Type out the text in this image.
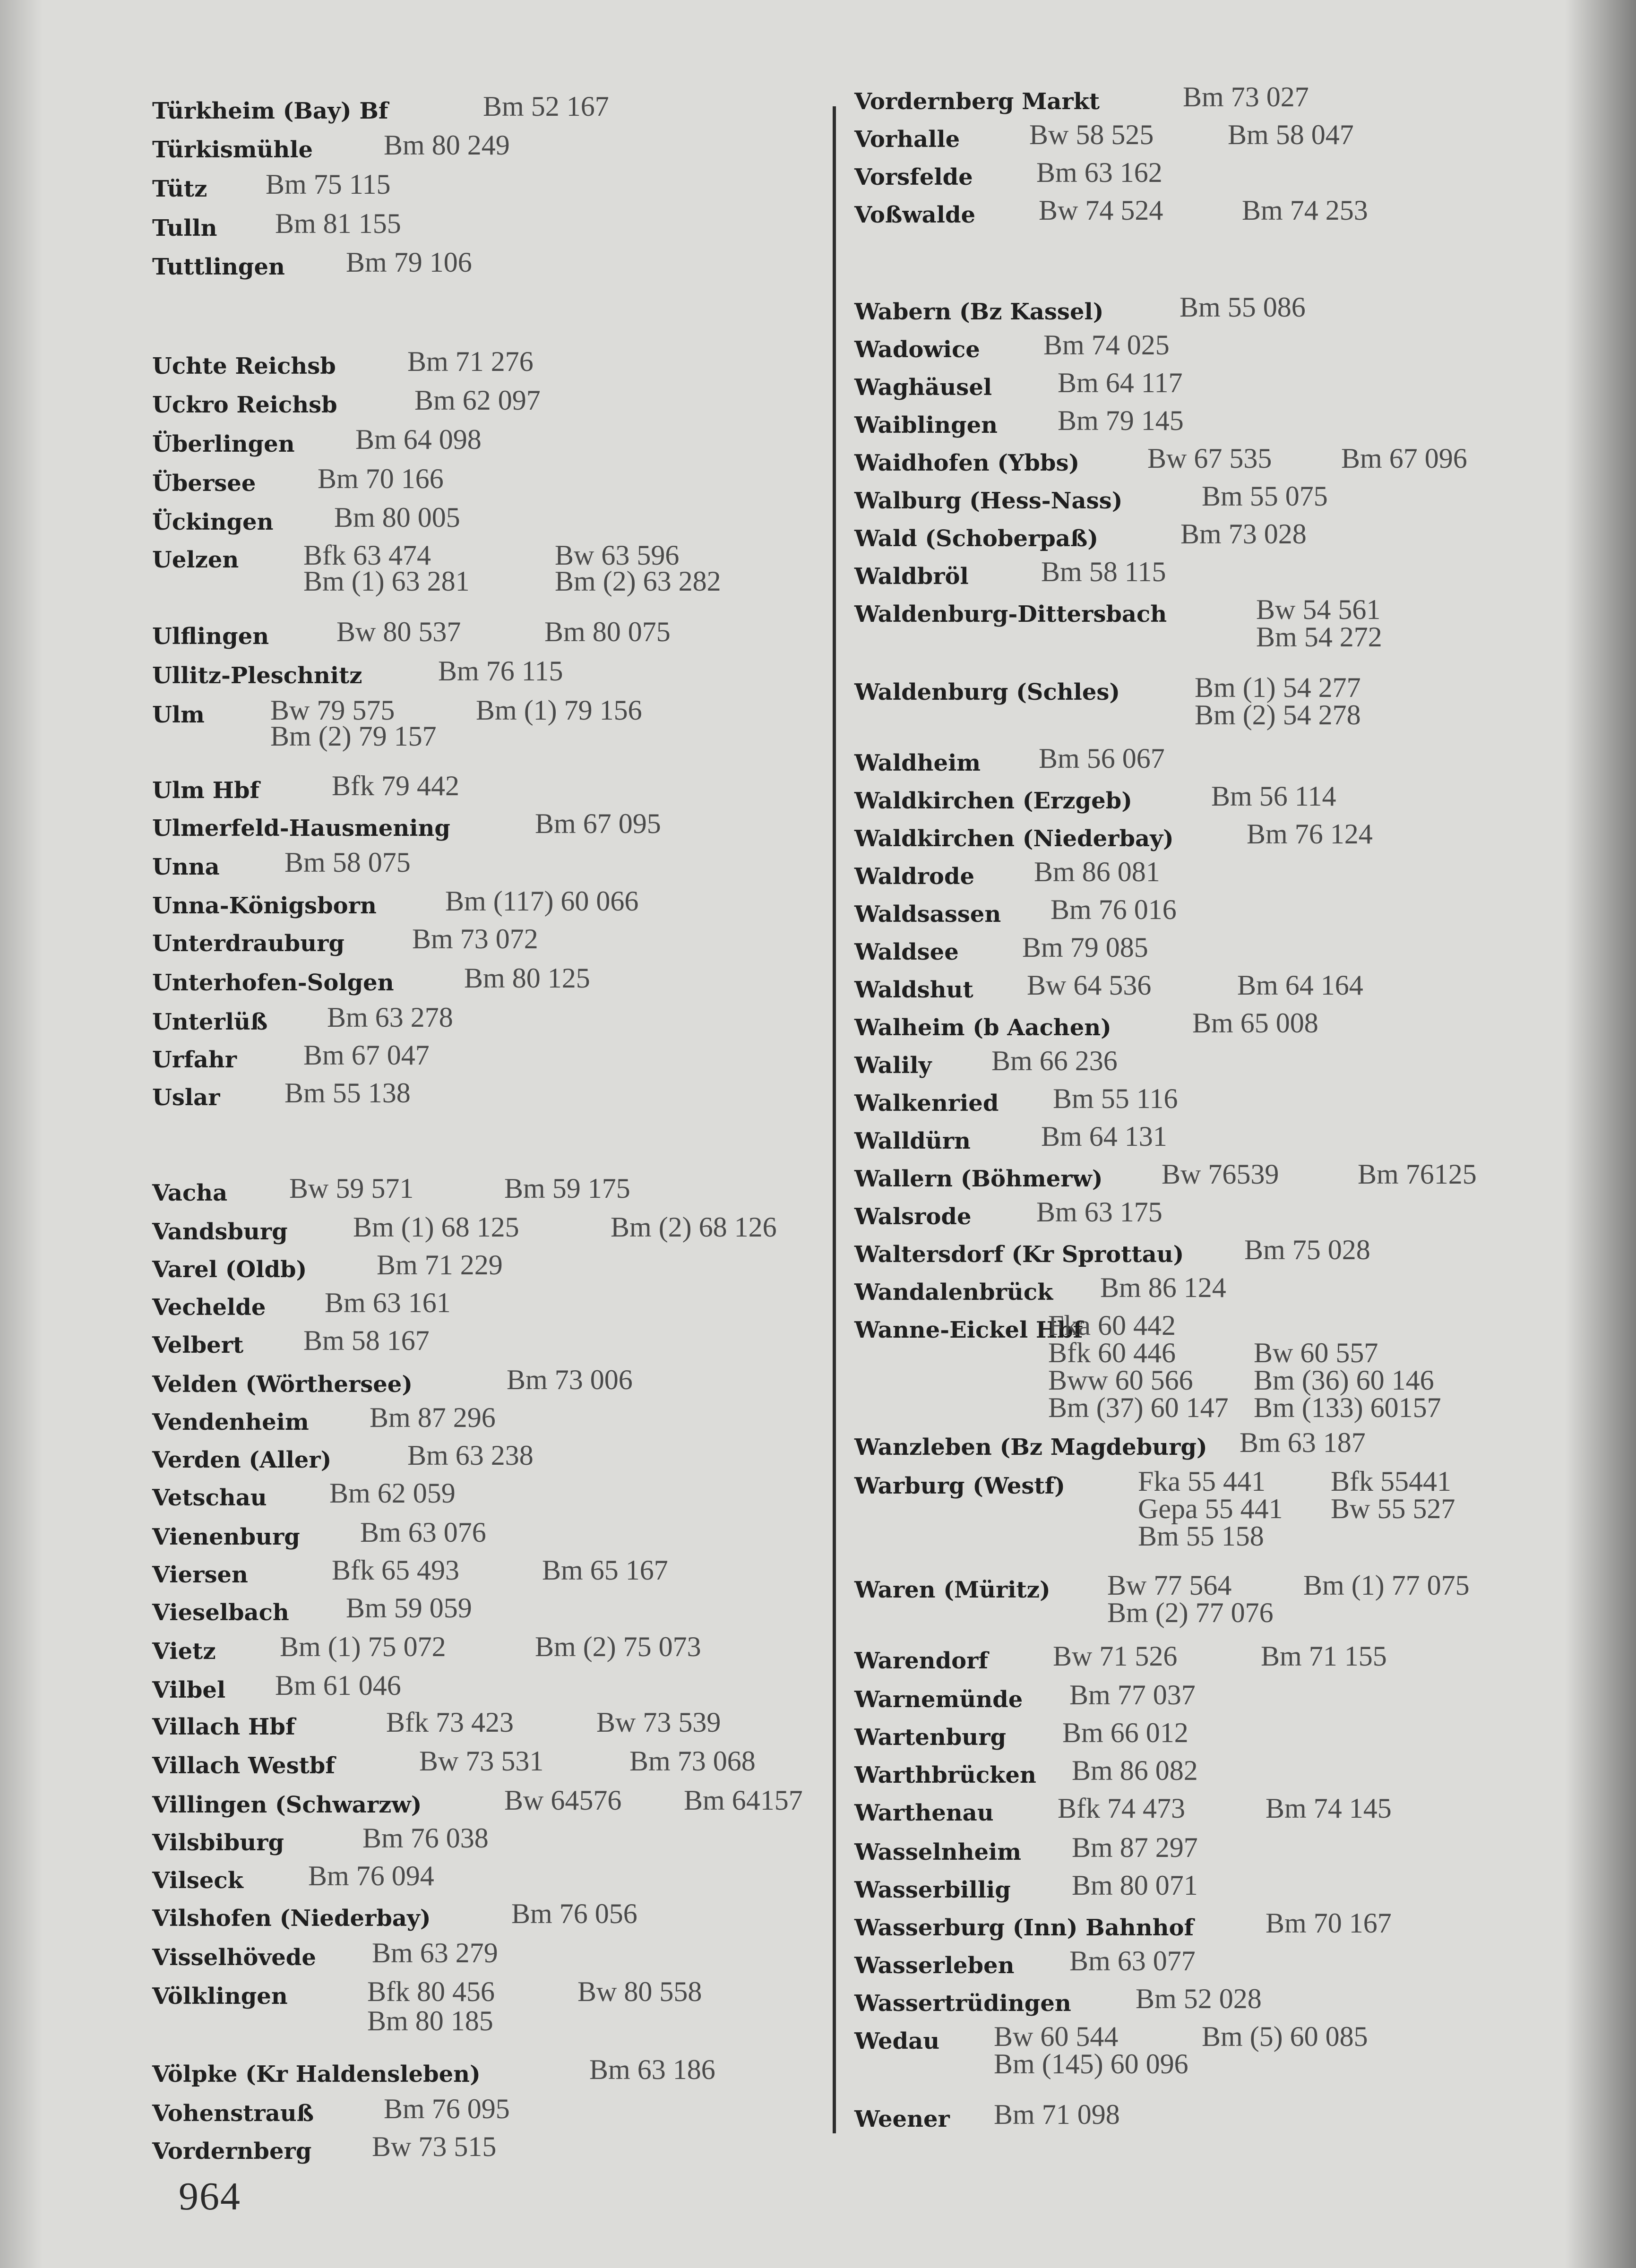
Türkheim (Bay) Bf	Bm 52 167
Türkismühle Bm 80 249
Tütz Bm 75 115
Tulln Bm 81 155
Tuttlingen Bm 79 106
Uchte Reichsb	Bm 71 276
Uckro Reichsb	Bm 62 097
Überlingen Bm 64 098
Übersee Bm 70 166
Ückingen Bm 80 005
Uelzen Bfk 63 474	Bw 63 596
Bm (1) 63 281	Bm (2) 63 282
Ulflingen Bw 80 537	Bm 80 075
Ullitz-Pleschnitz	Bm 76 115
Ulm Bw 79 575	Bm (1) 79 156
Bm (2) 79 157
Ulm Hbf	Bfk 79 442
Ulmerfeld-Hausmening	Bm 67 095
Unna Bm 58 075
Unna-Königsborn Bm (117) 60 066
Unterdrauburg Bm 73 072
Unterhofen-Solgen Bm 80 125
Unterlüß Bm 63 278
Urfahr Bm 67 047
Uslar Bm 55 138
Vacha Bw 59 571	Bm 59 175
Vandsburg Bm (1) 68 125	Bm (2) 68 126
Varel (Oldb) Bm 71 229
Vechelde Bm 63 161
Velbert Bm 58 167
Velden (Wörthersee)	Bm 73 006
Vendenheim Bm 87 296
Verden (Aller)	Bm 63 238
Vetschau Bm 62 059
Vienenburg Bm 63 076
Viersen	Bfk 65 493	Bm 65 167
Vieselbach Bm 59 059
Vietz Bm (1) 75 072	Bm (2) 75 073
Vilbel Bm 61 046
Villach Hbf	Bfk 73 423	Bw 73 539
Villach Westbf	Bw 73 531	Bm 73 068
Villingen (Schwarzw)	Bw 64576 Bm 64157
Vilsbiburg	Bm 76 038
Vilseck Bm 76 094
Vilshofen (Niederbay)	Bm 76 056
Visselhövede Bm 63 279
Völklingen	Bfk 80 456	Bw 80 558
Bm 80 185
Völpke (Kr Haldensleben)	Bm 63 186
Vohenstrauß Bm 76 095
Vordernberg Bw 73 515
Vordernberg Markt	Bm 73 027
Vorhalle Bw 58 525	Bm 58 047
Vorsfelde Bm 63 162
Voßwalde Bw 74 524	Bm 74 253
Wabern (Bz Kassel)	Bm 55 086
Wadowice Bm 74 025
Waghäusel Bm 64 117
Waiblingen Bm 79 145
Waidhofen (Ybbs) Bw 67 535 Bm 67 096
Walburg (Hess-Nass)	Bm 55 075
Wald (Schoberpaß)	Bm 73 028
Waldbröl	Bm 58 115
Waldenburg-Dittersbach	Bw 54 561
Bm 54 272
Waldenburg (Schles)	Bm (1) 54 277
Bm (2) 54 278
Waldheim Bm 56 067
Waldkirchen (Erzgeb)	Bm 56 114
Waldkirchen (Niederbay)	Bm 76 124
Waldrode Bm 86 081
Waldsassen Bm 76 016
Waldsee Bm 79 085
Waldshut Bw 64 536	Bm 64 164
Walheim (b Aachen)	Bm 65 008
Walily Bm 66 236
Walkenried Bm 55 116
Walldürn Bm 64 131
Wallern (Böhmerw) Bw 76539	Bm 76125
Walsrode Bm 63 175
Waltersdorf (Kr Sprottau) Bm 75 028
Wandalenbrück Bm 86 124
Wanne-Eickel Hbf
Fka 60 442
Bfk 60 446	Bw 60 557
Bww 60 566 Bm (36) 60 146
Bm (37) 60 147 Bm (133) 60157
Wanzleben (Bz Magdeburg) Bm 63 187
Warburg (Westf)	Fka 55 441 Bfk 55441
Gepa 55 441 Bw 55 527
Bm 55 158
Waren (Müritz) Bw 77 564	Bm (1) 77 075
Bm (2) 77 076
Warendorf Bw 71 526	Bm 71 155
Warnemünde Bm 77 037
Wartenburg Bm 66 012
Warthbrücken Bm 86 082
Warthenau Bfk 74 473	Bm 74 145
Wasselnheim Bm 87 297
Wasserbillig Bm 80 071
Wasserburg (Inn) Bahnhof	Bm 70 167
Wasserleben Bm 63 077
Wassertrüdingen Bm 52 028
Wedau Bw 60 544	Bm (5) 60 085
Bm (145) 60 096
Weener Bm 71 098
964
